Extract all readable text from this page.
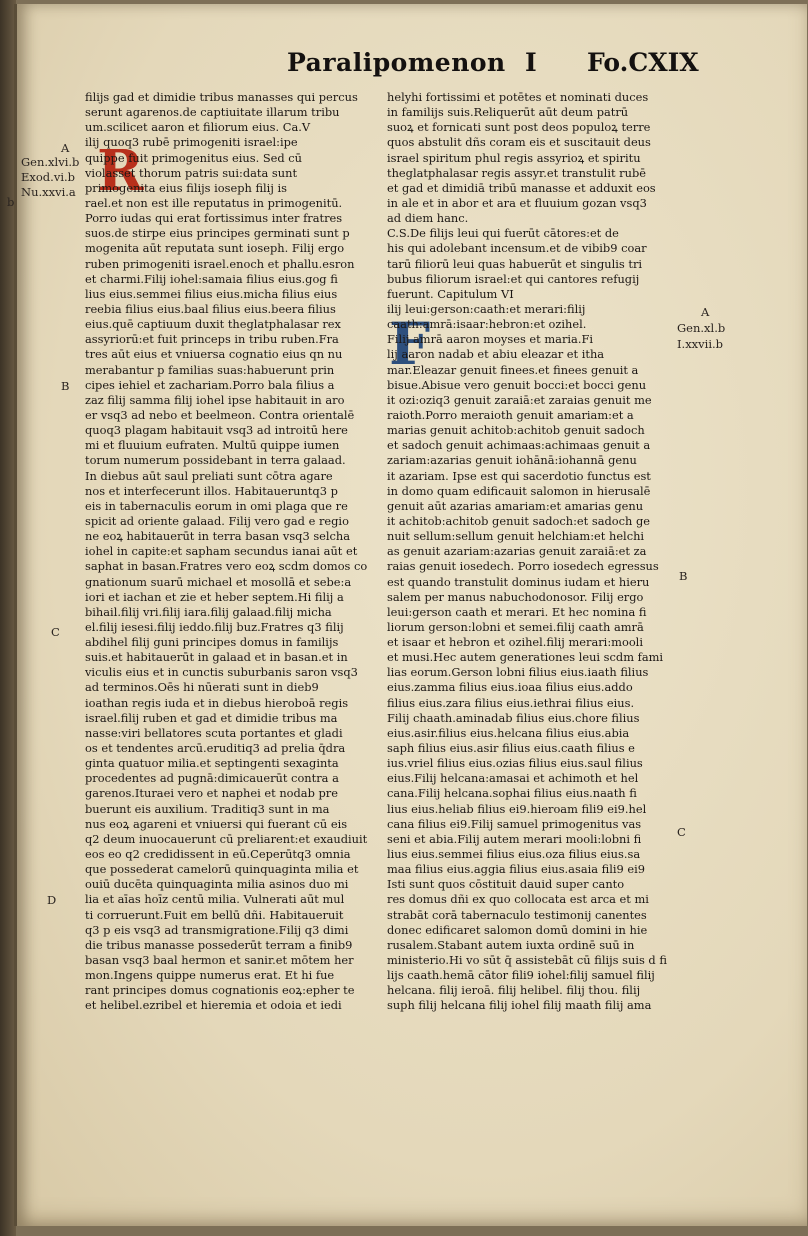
Paralipomenon I Fo.CXIX
A
Gen.xlvi.b
Exod.vi.b
Nu.xxvi.a
b
B
C
D
A
Gen.xl.b
I.xxvii.b
B
C
R
F
filijs gad et dimidie tribus manasses qui percus
serunt agarenos.de captiuitate illarum tribu
um.scilicet aaron et filiorum eius. Ca.V
ilij quoq3 rubē primogeniti israel:ipe
quippe fuit primogenitus eius. Sed cū
violasset thorum patris sui:data sunt
primogenita eius filijs ioseph filij is
rael.et non est ille reputatus in primogenitū.
Porro iudas qui erat fortissimus inter fratres
suos.de stirpe eius principes germinati sunt p
mogenita aūt reputata sunt ioseph. Filij ergo
ruben primogeniti israel.enoch et phallu.esron
et charmi.Filij iohel:samaia filius eius.gog fi
lius eius.semmei filius eius.micha filius eius
reebia filius eius.baal filius eius.beera filius
eius.quē captiuum duxit theglatphalasar rex
assyriorū:et fuit princeps in tribu ruben.Fra
tres aūt eius et vniuersa cognatio eius qn nu
merabantur p familias suas:habuerunt prin
cipes iehiel et zachariam.Porro bala filius a
zaz filij samma filij iohel ipse habitauit in aro
er vsq3 ad nebo et beelmeon. Contra orientalē
quoq3 plagam habitauit vsq3 ad introitū here
mi et fluuium eufraten. Multū quippe iumen
torum numerum possidebant in terra galaad.
In diebus aūt saul preliati sunt cōtra agare
nos et interfecerunt illos. Habitaueruntq3 p
eis in tabernaculis eorum in omi plaga que re
spicit ad oriente galaad. Filij vero gad e regio
ne eoꝝ habitauerūt in terra basan vsq3 selcha
iohel in capite:et sapham secundus ianai aūt et
saphat in basan.Fratres vero eoꝝ scdm domos co
gnationum suarū michael et mosollā et sebe:a
iori et iachan et zie et heber septem.Hi filij a
bihail.filij vri.filij iara.filij galaad.filij micha
el.filij iesesi.filij ieddo.filij buz.Fratres q3 filij
abdihel filij guni principes domus in familijs
suis.et habitauerūt in galaad et in basan.et in
viculis eius et in cunctis suburbanis saron vsq3
ad terminos.Oēs hi nūerati sunt in dieb9
ioathan regis iuda et in diebus hieroboā regis
israel.filij ruben et gad et dimidie tribus ma
nasse:viri bellatores scuta portantes et gladi
os et tendentes arcū.eruditiq3 ad prelia q̄dra
ginta quatuor milia.et septingenti sexaginta
procedentes ad pugnā:dimicauerūt contra a
garenos.Ituraei vero et naphei et nodab pre
buerunt eis auxilium. Traditiq3 sunt in ma
nus eoꝝ agareni et vniuersi qui fuerant cū eis
q2 deum inuocauerunt cū preliarent:et exaudiuit
eos eo q2 credidissent in eū.Ceperūtq3 omnia
que possederat camelorū quinquaginta milia et
ouiū ducēta quinquaginta milia asinos duo mi
lia et aīas hoīz centū milia. Vulnerati aūt mul
ti corruerunt.Fuit em bellū dñi. Habitaueruit
q3 p eis vsq3 ad transmigratione.Filij q3 dimi
die tribus manasse possederūt terram a finib9
basan vsq3 baal hermon et sanir.et mōtem her
mon.Ingens quippe numerus erat. Et hi fue
rant principes domus cognationis eoꝝ:epher te
et helibel.ezribel et hieremia et odoia et iedi
helyhi fortissimi et potētes et nominati duces
in familijs suis.Reliquerūt aūt deum patrū
suoꝝ et fornicati sunt post deos populoꝝ terre
quos abstulit dñs coram eis et suscitauit deus
israel spiritum phul regis assyrioꝝ et spiritu
theglatphalasar regis assyr.et transtulit rubē
et gad et dimidiā tribū manasse et adduxit eos
in ale et in abor et ara et fluuium gozan vsq3
ad diem hanc.
C.S.De filijs leui qui fuerūt cātores:et de
his qui adolebant incensum.et de vibib9 coar
tarū filiorū leui quas habuerūt et singulis tri
bubus filiorum israel:et qui cantores refugij
fuerunt. Capitulum VI
ilij leui:gerson:caath:et merari:filij
caath:amrā:isaar:hebron:et ozihel.
Filij amrā aaron moyses et maria.Fi
lij aaron nadab et abiu eleazar et itha
mar.Eleazar genuit finees.et finees genuit a
bisue.Abisue vero genuit bocci:et bocci genu
it ozi:oziq3 genuit zaraiā:et zaraias genuit me
raioth.Porro meraioth genuit amariam:et a
marias genuit achitob:achitob genuit sadoch
et sadoch genuit achimaas:achimaas genuit a
zariam:azarias genuit iohānā:iohannā genu
it azariam. Ipse est qui sacerdotio functus est
in domo quam edificauit salomon in hierusalē
genuit aūt azarias amariam:et amarias genu
it achitob:achitob genuit sadoch:et sadoch ge
nuit sellum:sellum genuit helchiam:et helchi
as genuit azariam:azarias genuit zaraiā:et za
raias genuit iosedech. Porro iosedech egressus
est quando transtulit dominus iudam et hieru
salem per manus nabuchodonosor. Filij ergo
leui:gerson caath et merari. Et hec nomina fi
liorum gerson:lobni et semei.filij caath amrā
et isaar et hebron et ozihel.filij merari:mooli
et musi.Hec autem generationes leui scdm fami
lias eorum.Gerson lobni filius eius.iaath filius
eius.zamma filius eius.ioaa filius eius.addo
filius eius.zara filius eius.iethrai filius eius.
Filij chaath.aminadab filius eius.chore filius
eius.asir.filius eius.helcana filius eius.abia
saph filius eius.asir filius eius.caath filius e
ius.vriel filius eius.ozias filius eius.saul filius
eius.Filij helcana:amasai et achimoth et hel
cana.Filij helcana.sophai filius eius.naath fi
lius eius.heliab filius ei9.hieroam fili9 ei9.hel
cana filius ei9.Filij samuel primogenitus vas
seni et abia.Filij autem merari mooli:lobni fi
lius eius.semmei filius eius.oza filius eius.sa
maa filius eius.aggia filius eius.asaia fili9 ei9
Isti sunt quos cōstituit dauid super canto
res domus dñi ex quo collocata est arca et mi
strabāt corā tabernaculo testimonij canentes
donec edificaret salomon domū domini in hie
rusalem.Stabant autem iuxta ordinē suū in
ministerio.Hi vo sūt q̄ assistebāt cū filijs suis d fi
lijs caath.hemā cātor fili9 iohel:filij samuel filij
helcana. filij ieroā. filij helibel. filij thou. filij
suph filij helcana filij iohel filij maath filij ama
